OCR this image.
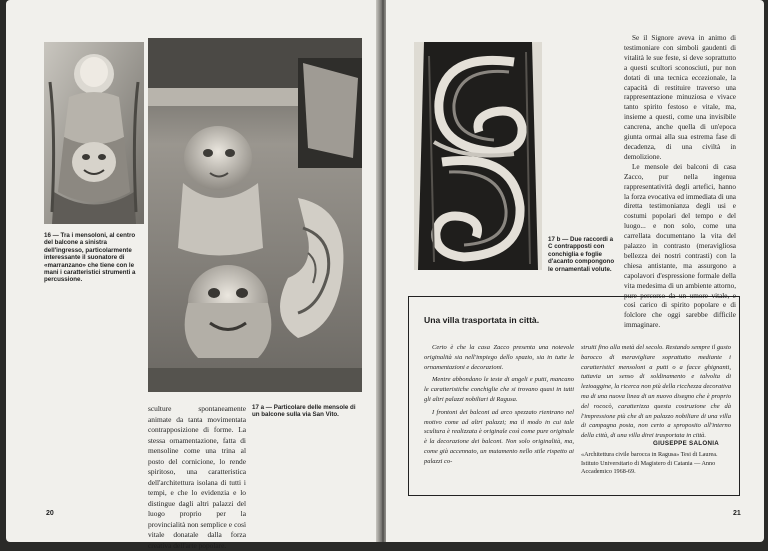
16 — Tra i mensoloni, al centro del balcone a sinistra dell'ingresso, particolarmente interessante il suonatore di «marranzano» che tiene con le mani i caratteristici strumenti a percussione.
17 a — Particolare delle mensole di un balcone sulla via San Vito.

sculture spontaneamente animate da tanta movimentata contrapposizione di forme. La stessa ornamentazione, fatta di mensoline come una trina al posto del cornicione, lo rende spiritoso, una caratteristica dell'architettura isolana di tutti i tempi, e che lo evidenzia e lo distingue dagli altri palazzi del luogo proprio per la provincialità non semplice e così vitale donatale dalla forza creativa dell'arte popolare.

20
17 b — Due raccordi a C contrapposti con conchiglia e foglie d'acanto compongono le ornamentali volute.

Se il Signore aveva in animo di testimoniare con simboli gaudenti di vitalità le sue feste, si deve soprattutto a questi scultori sconosciuti, pur non dotati di una tecnica eccezionale, la capacità di restituire traverso una rappresentazione minuziosa e vivace tanto spirito festoso e vitale, ma, insieme a questi, come una invisibile cancrena, anche quella di un'epoca giunta ormai alla sua estrema fase di decadenza, di una civiltà in demolizione.

Le mensole dei balconi di casa Zacco, pur nella ingenua rappresentatività degli artefici, hanno la forza evocativa ed immediata di una diretta testimonianza degli usi e costumi popolari del tempo e del luogo... e non solo, come una carrellata documentano la vita del palazzo in contrasto (meravigliosa bellezza dei nostri contrasti) con la chiesa antistante, ma assurgono a capolavori d'espressione formale della vita medesima di un ambiente attorno, pure percorso da un umore vitale, e così carico di spirito popolare e di folclore che oggi sarebbe difficile immaginare.

Una villa trasportata in città.

Certo è che la casa Zacco presenta una notevole originalità sia nell'impiego dello spazio, sia in tutte le ornamentazioni e decorazioni.

Mentre abbondano le teste di angeli e putti, mancano le caratteristiche conchiglie che si trovano quasi in tutti gli altri palazzi nobiliari di Ragusa.

I frontoni dei balconi ad arco spezzato rientrano nel motivo come ad altri palazzi; ma il modo in cui tale scultura è realizzata è originale così come pure originale è la decorazione dei balconi. Non solo originalità, ma, come già accennato, un mutamento nello stile rispetto ai palazzi co-

struiti fino alla metà del secolo. Restando sempre il gusto barocco di meravigliare soprattutto mediante i caratteristici mensoloni a putti o a facce ghignanti, tuttavia un senso di soldinamento e talvolta di lezioaggine, la ricerca non più della ricchezza decorativa ma di una nuova linea di un nuovo disegno che è proprio del rococò, caratterizza questa costruzione che dà l'impressione più che di un palazzo nobiliare di una villa di campagna posta, non certo a sproposito all'interno della città, di una villa direi trasportata in città.

GIUSEPPE SALONIA
«Architettura civile barocca in Ragusa» Tesi di Laurea. Istituto Universitario di Magistero di Catania — Anno Accademico 1968-69.
21
